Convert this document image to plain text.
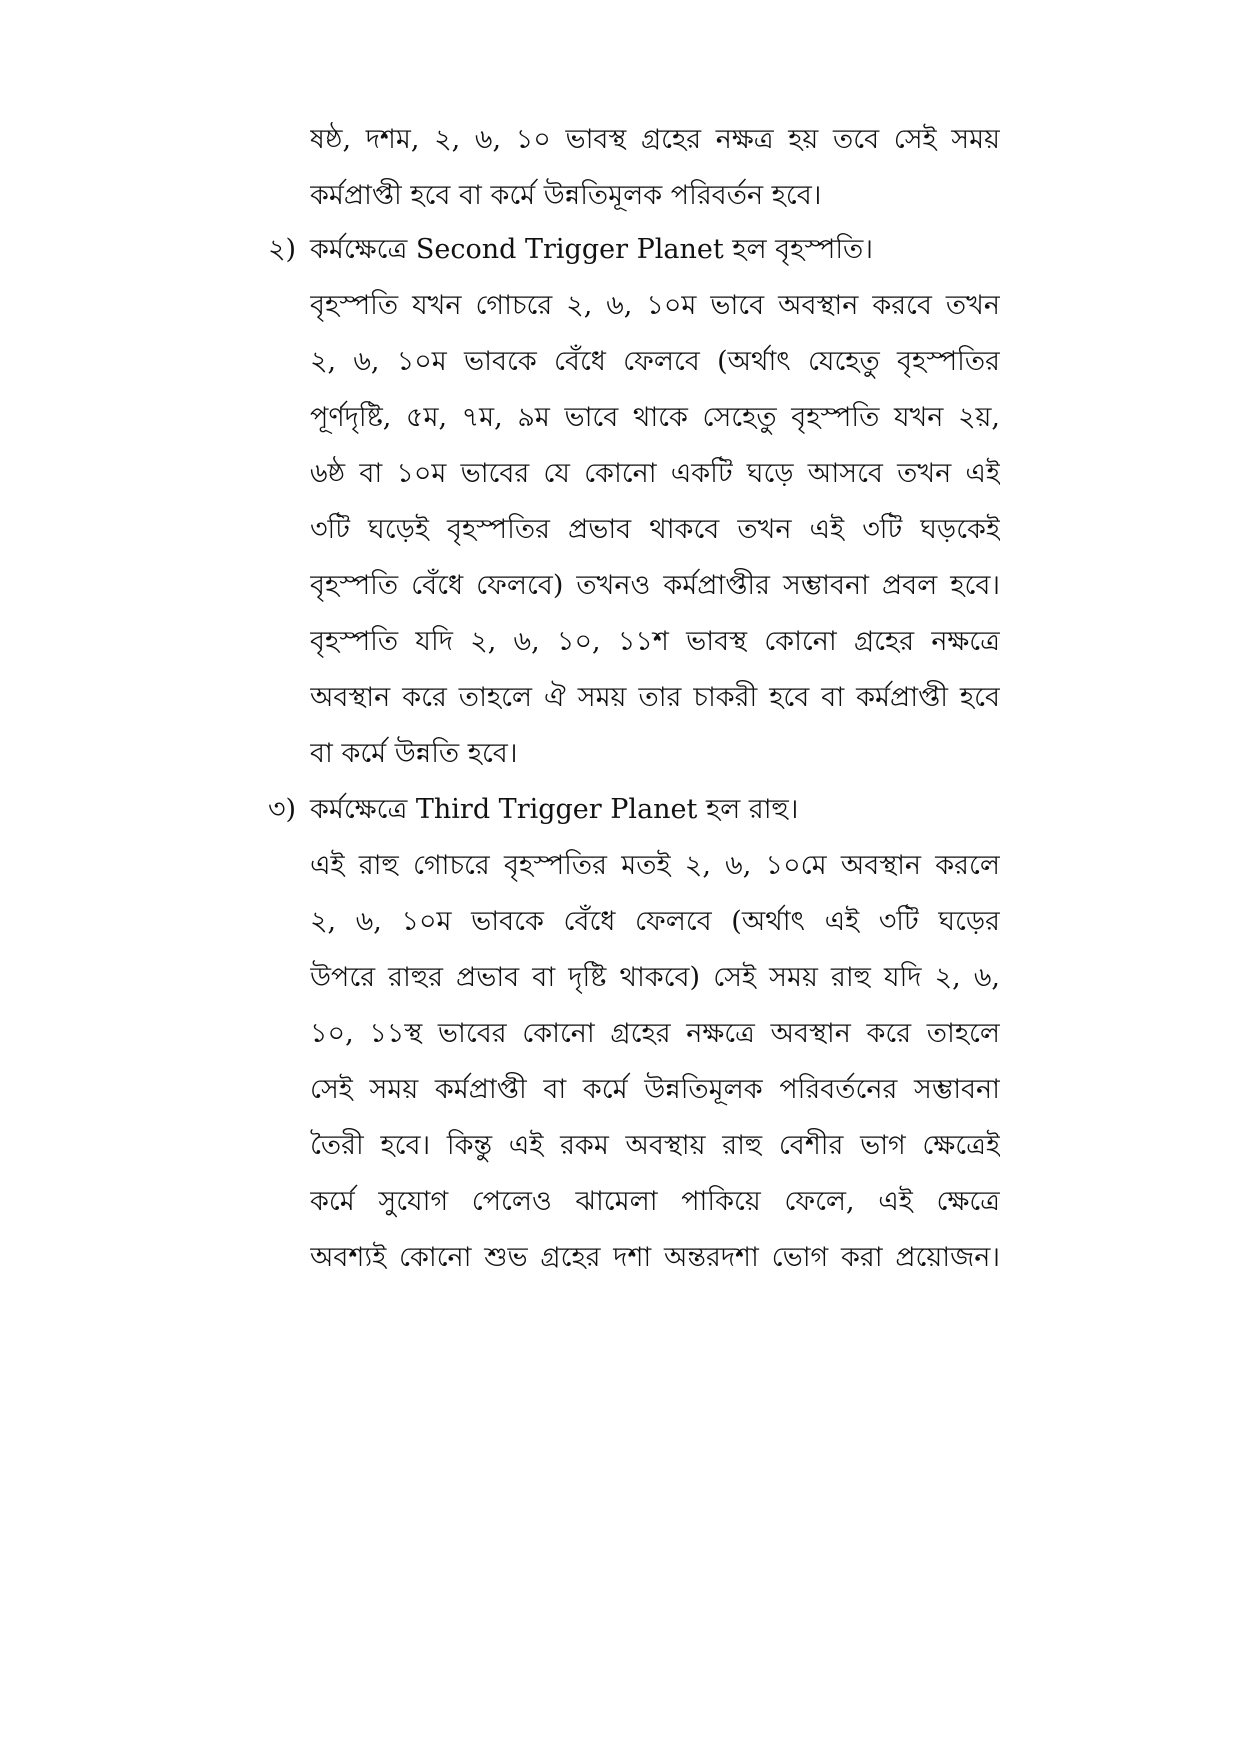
ষষ্ঠ, দশম, ২, ৬, ১০ ভাবস্থ গ্রহের নক্ষত্র হয় তবে সেই সময়
কর্মপ্রাপ্তী হবে বা কর্মে উন্নতিমূলক পরিবর্তন হবে।
২) কর্মক্ষেত্রে Second Trigger Planet হল বৃহস্পতি।
বৃহস্পতি যখন গোচরে ২, ৬, ১০ম ভাবে অবস্থান করবে তখন
২, ৬, ১০ম ভাবকে বেঁধে ফেলবে (অর্থাৎ যেহেতু বৃহস্পতির
পূর্ণদৃষ্টি, ৫ম, ৭ম, ৯ম ভাবে থাকে সেহেতু বৃহস্পতি যখন ২য়,
৬ষ্ঠ বা ১০ম ভাবের যে কোনো একটি ঘড়ে আসবে তখন এই
৩টি ঘড়েই বৃহস্পতির প্রভাব থাকবে তখন এই ৩টি ঘড়কেই
বৃহস্পতি বেঁধে ফেলবে) তখনও কর্মপ্রাপ্তীর সম্ভাবনা প্রবল হবে।
বৃহস্পতি যদি ২, ৬, ১০, ১১শ ভাবস্থ কোনো গ্রহের নক্ষত্রে
অবস্থান করে তাহলে ঐ সময় তার চাকরী হবে বা কর্মপ্রাপ্তী হবে
বা কর্মে উন্নতি হবে।
৩) কর্মক্ষেত্রে Third Trigger Planet হল রাহু।
এই রাহু গোচরে বৃহস্পতির মতই ২, ৬, ১০মে অবস্থান করলে
২, ৬, ১০ম ভাবকে বেঁধে ফেলবে (অর্থাৎ এই ৩টি ঘড়ের
উপরে রাহুর প্রভাব বা দৃষ্টি থাকবে) সেই সময় রাহু যদি ২, ৬,
১০, ১১স্থ ভাবের কোনো গ্রহের নক্ষত্রে অবস্থান করে তাহলে
সেই সময় কর্মপ্রাপ্তী বা কর্মে উন্নতিমূলক পরিবর্তনের সম্ভাবনা
তৈরী হবে। কিন্তু এই রকম অবস্থায় রাহু বেশীর ভাগ ক্ষেত্রেই
কর্মে সুযোগ পেলেও ঝামেলা পাকিয়ে ফেলে, এই ক্ষেত্রে
অবশ্যই কোনো শুভ গ্রহের দশা অন্তরদশা ভোগ করা প্রয়োজন।
